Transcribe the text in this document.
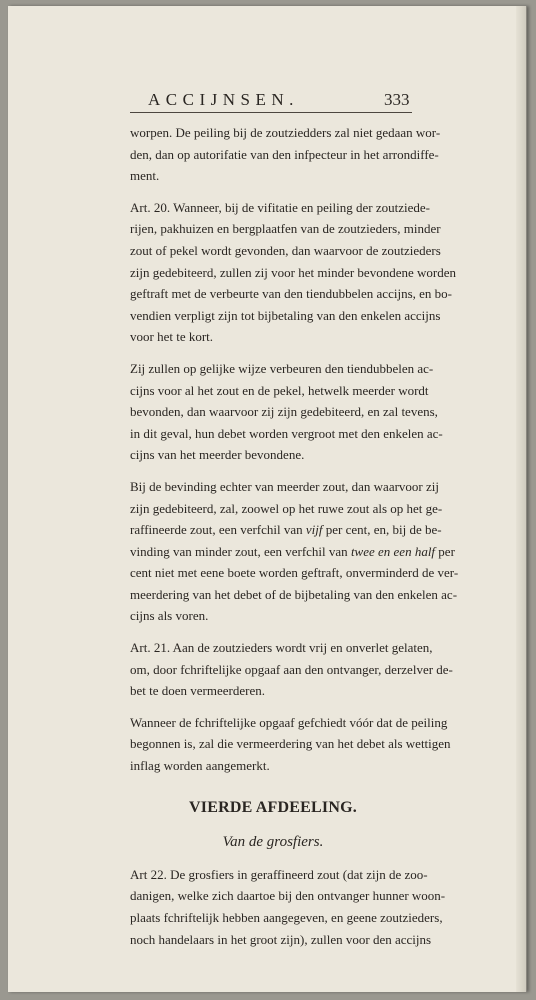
ACCIJNSEN.	333
worpen. De peiling bij de zoutziedders zal niet gedaan wor-
den, dan op autorifatie van den infpecteur in het arrondiffe-
ment.
Art. 20. Wanneer, bij de vifitatie en peiling der zoutziede-
rijen, pakhuizen en bergplaatfen van de zoutzieders, minder
zout of pekel wordt gevonden, dan waarvoor de zoutzieders
zijn gedebiteerd, zullen zij voor het minder bevondene worden
geftraft met de verbeurte van den tiendubbelen accijns, en bo-
vendien verpligt zijn tot bijbetaling van den enkelen accijns
voor het te kort.
Zij zullen op gelijke wijze verbeuren den tiendubbelen ac-
cijns voor al het zout en de pekel, hetwelk meerder wordt
bevonden, dan waarvoor zij zijn gedebiteerd, en zal tevens,
in dit geval, hun debet worden vergroot met den enkelen ac-
cijns van het meerder bevondene.
Bij de bevinding echter van meerder zout, dan waarvoor zij
zijn gedebiteerd, zal, zoowel op het ruwe zout als op het ge-
raffineerde zout, een verfchil van vijf per cent, en, bij de be-
vinding van minder zout, een verfchil van twee en een half per
cent niet met eene boete worden geftraft, onverminderd de ver-
meerdering van het debet of de bijbetaling van den enkelen ac-
cijns als voren.
Art. 21. Aan de zoutzieders wordt vrij en onverlet gelaten,
om, door fchriftelijke opgaaf aan den ontvanger, derzelver de-
bet te doen vermeerderen.
Wanneer de fchriftelijke opgaaf gefchiedt vóór dat de peiling
begonnen is, zal die vermeerdering van het debet als wettigen
inflag worden aangemerkt.
VIERDE AFDEELING.
Van de grosfiers.
Art 22. De grosfiers in geraffineerd zout (dat zijn de zoo-
danigen, welke zich daartoe bij den ontvanger hunner woon-
plaats fchriftelijk hebben aangegeven, en geene zoutzieders,
noch handelaars in het groot zijn), zullen voor den accijns
